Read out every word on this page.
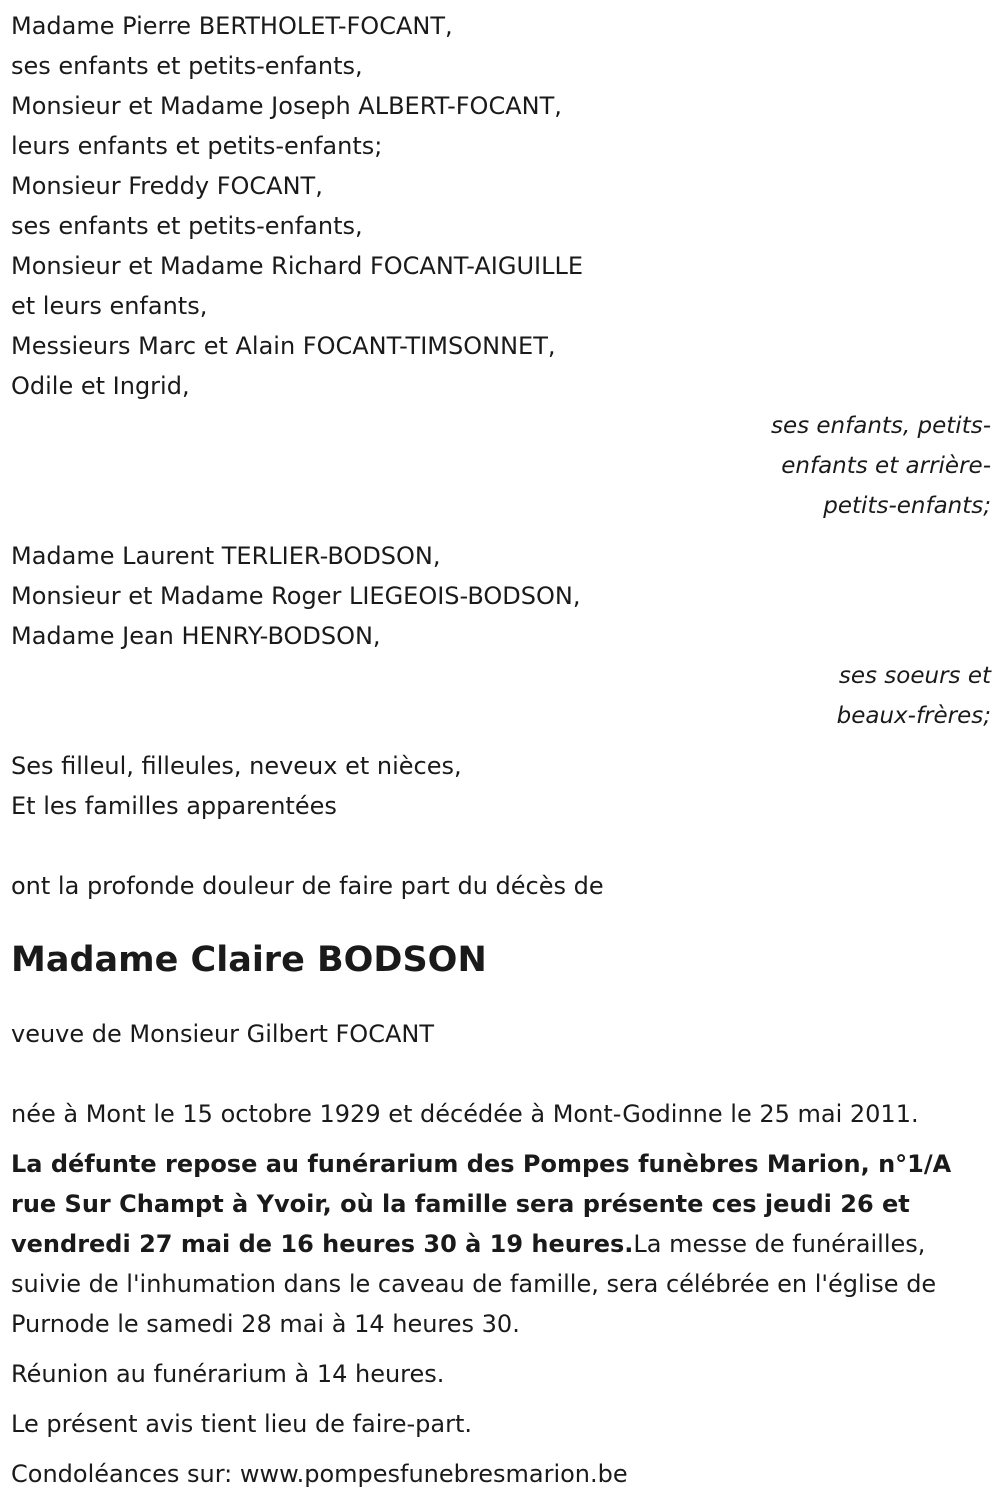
Madame Pierre BERTHOLET-FOCANT,
ses enfants et petits-enfants,
Monsieur et Madame Joseph ALBERT-FOCANT,
leurs enfants et petits-enfants;
Monsieur Freddy FOCANT,
ses enfants et petits-enfants,
Monsieur et Madame Richard FOCANT-AIGUILLE
et leurs enfants,
Messieurs Marc et Alain FOCANT-TIMSONNET,
Odile et Ingrid,
ses enfants, petits-
enfants et arrière-
petits-enfants;
Madame Laurent TERLIER-BODSON,
Monsieur et Madame Roger LIEGEOIS-BODSON,
Madame Jean HENRY-BODSON,
ses soeurs et
beaux-frères;
Ses filleul, filleules, neveux et nièces,
Et les familles apparentées
ont la profonde douleur de faire part du décès de
Madame Claire BODSON
veuve de Monsieur Gilbert FOCANT
née à Mont le 15 octobre 1929 et décédée à Mont-Godinne le 25 mai 2011.
La défunte repose au funérarium des Pompes funèbres Marion, n°1/A rue Sur Champt à Yvoir, où la famille sera présente ces jeudi 26 et vendredi 27 mai de 16 heures 30 à 19 heures.La messe de funérailles, suivie de l'inhumation dans le caveau de famille, sera célébrée en l'église de Purnode le samedi 28 mai à 14 heures 30.
Réunion au funérarium à 14 heures.
Le présent avis tient lieu de faire-part.
Condoléances sur: www.pompesfunebresmarion.be
